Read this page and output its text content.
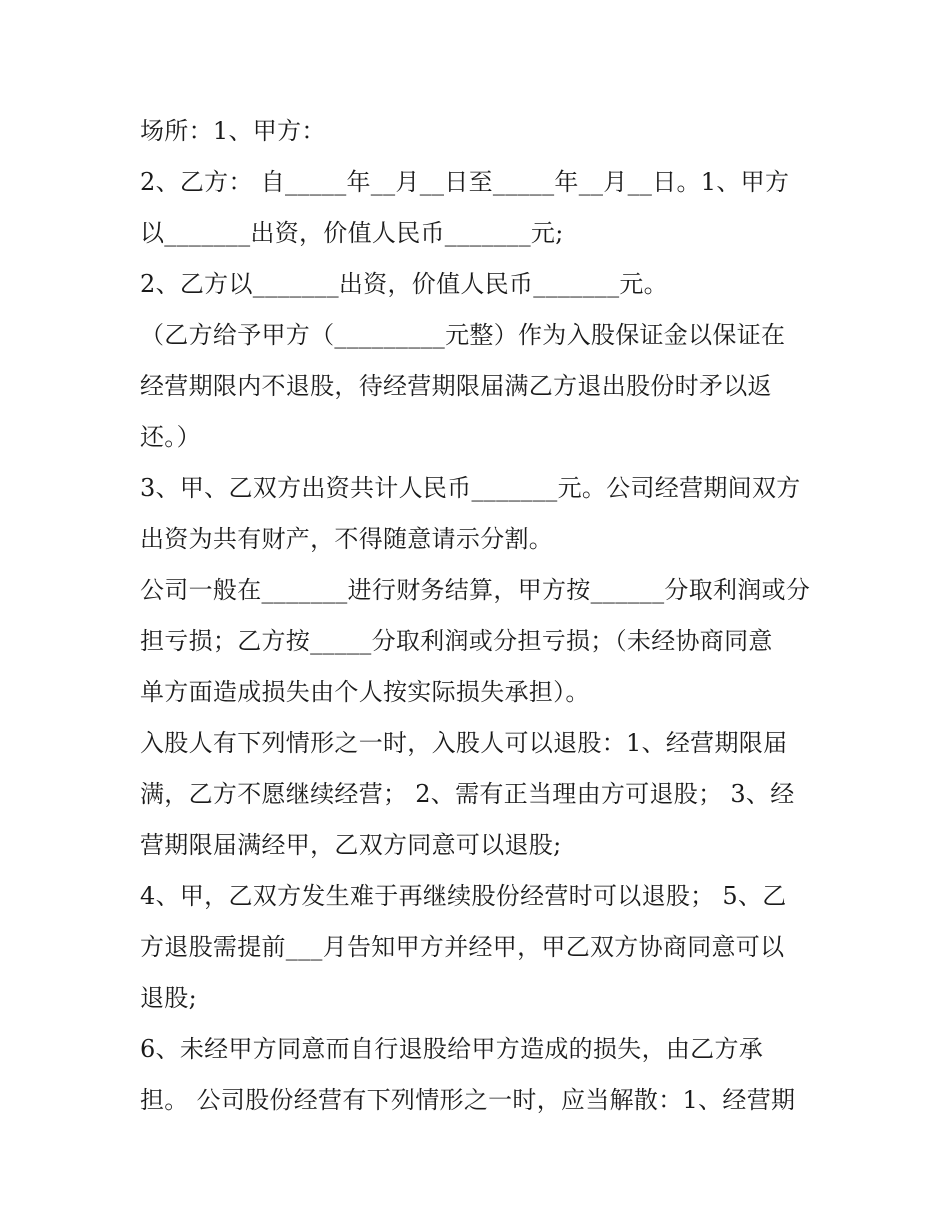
场所：1、甲方：
2、乙方： 自_____年__月__日至_____年__月__日。1、甲方
以_______出资，价值人民币_______元;
2、乙方以_______出资，价值人民币_______元。
（乙方给予甲方（_________元整）作为入股保证金以保证在
经营期限内不退股，待经营期限届满乙方退出股份时矛以返
还。）
3、甲、乙双方出资共计人民币_______元。公司经营期间双方
出资为共有财产，不得随意请示分割。
公司一般在_______进行财务结算，甲方按______分取利润或分
担亏损；乙方按_____分取利润或分担亏损；（未经协商同意
单方面造成损失由个人按实际损失承担）。
入股人有下列情形之一时，入股人可以退股：1、经营期限届
满，乙方不愿继续经营； 2、需有正当理由方可退股； 3、经
营期限届满经甲，乙双方同意可以退股;
4、甲，乙双方发生难于再继续股份经营时可以退股； 5、乙
方退股需提前___月告知甲方并经甲，甲乙双方协商同意可以
退股;
6、未经甲方同意而自行退股给甲方造成的损失，由乙方承
担。 公司股份经营有下列情形之一时，应当解散：1、经营期
